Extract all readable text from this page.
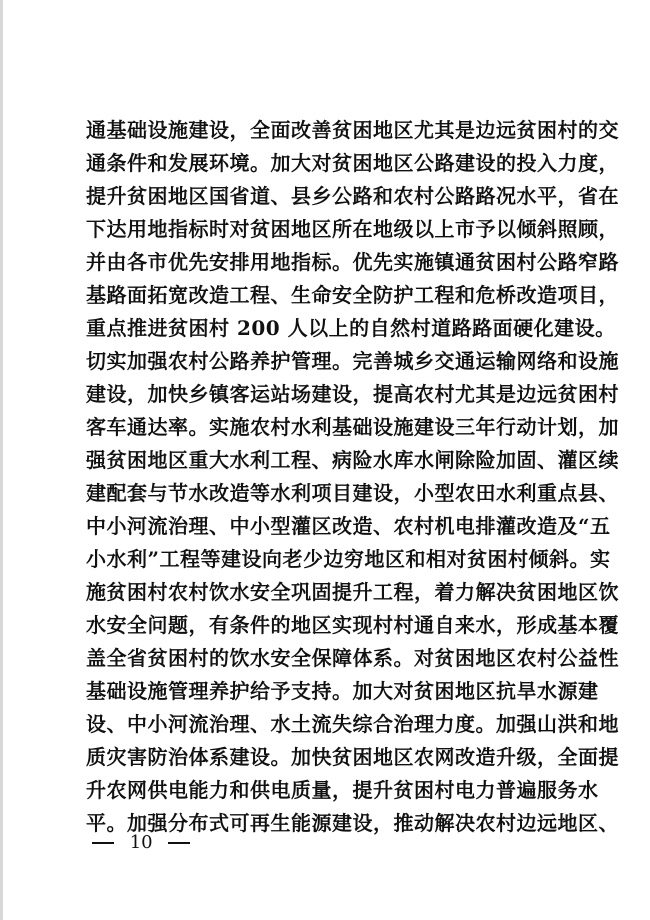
通基础设施建设，全面改善贫困地区尤其是边远贫困村的交
通条件和发展环境。加大对贫困地区公路建设的投入力度，
提升贫困地区国省道、县乡公路和农村公路路况水平，省在
下达用地指标时对贫困地区所在地级以上市予以倾斜照顾，
并由各市优先安排用地指标。优先实施镇通贫困村公路窄路
基路面拓宽改造工程、生命安全防护工程和危桥改造项目，
重点推进贫困村 200 人以上的自然村道路路面硬化建设。
切实加强农村公路养护管理。完善城乡交通运输网络和设施
建设，加快乡镇客运站场建设，提高农村尤其是边远贫困村
客车通达率。实施农村水利基础设施建设三年行动计划，加
强贫困地区重大水利工程、病险水库水闸除险加固、灌区续
建配套与节水改造等水利项目建设，小型农田水利重点县、
中小河流治理、中小型灌区改造、农村机电排灌改造及“五
小水利”工程等建设向老少边穷地区和相对贫困村倾斜。实
施贫困村农村饮水安全巩固提升工程，着力解决贫困地区饮
水安全问题，有条件的地区实现村村通自来水，形成基本覆
盖全省贫困村的饮水安全保障体系。对贫困地区农村公益性
基础设施管理养护给予支持。加大对贫困地区抗旱水源建
设、中小河流治理、水土流失综合治理力度。加强山洪和地
质灾害防治体系建设。加快贫困地区农网改造升级，全面提
升农网供电能力和供电质量，提升贫困村电力普遍服务水
平。加强分布式可再生能源建设，推动解决农村边远地区、
10
